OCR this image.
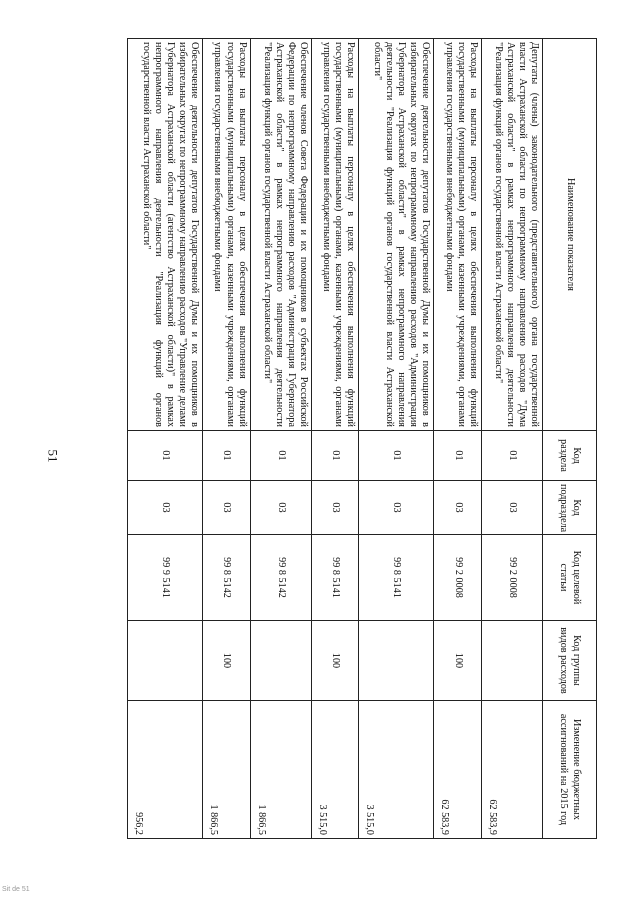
51
Наименование показателя	Код раздела	Код подраздела	Код целевой статьи	Код группы видов расходов	Изменение бюджетных ассигнований на 2015 год
Депутаты (члены) законодательного (представительного) органа государственной власти Астраханской области по непрограммному направлению расходов "Дума Астраханской области" в рамках непрограммного направления деятельности "Реализация функций органов государственной власти Астраханской области"	01	03	99 2 0008		62 583,9
Расходы на выплаты персоналу в целях обеспечения выполнения функций государственными (муниципальными) органами, казенными учреждениями, органами управления государственными внебюджетными фондами	01	03	99 2 0008	100	62 583,9
Обеспечение деятельности депутатов Государственной Думы и их помощников в избирательных округах по непрограммному направлению расходов "Администрация Губернатора Астраханской области" в рамках непрограммного направления деятельности "Реализация функций органов государственной власти Астраханской области"	01	03	99 8 5141		3 515,0
Расходы на выплаты персоналу в целях обеспечения выполнения функций государственными (муниципальными) органами, казенными учреждениями, органами управления государственными внебюджетными фондами	01	03	99 8 5141	100	3 515,0
Обеспечение членов Совета Федерации и их помощников в субъектах Российской Федерации по непрограммному направлению расходов "Администрация Губернатора Астраханской области" в рамках непрограммного направления деятельности "Реализация функций органов государственной власти Астраханской области"	01	03	99 8 5142		1 866,5
Расходы на выплаты персоналу в целях обеспечения выполнения функций государственными (муниципальными) органами, казенными учреждениями, органами управления государственными внебюджетными фондами	01	03	99 8 5142	100	1 866,5
Обеспечение деятельности депутатов Государственной Думы и их помощников в избирательных округах по непрограммному направлению расходов "Управление делами Губернатора Астраханской области (агентство Астраханской области)" в рамках непрограммного направления деятельности "Реализация функций органов государственной власти Астраханской области"	01	03	99 9 5141		956,2
Sit de 51
